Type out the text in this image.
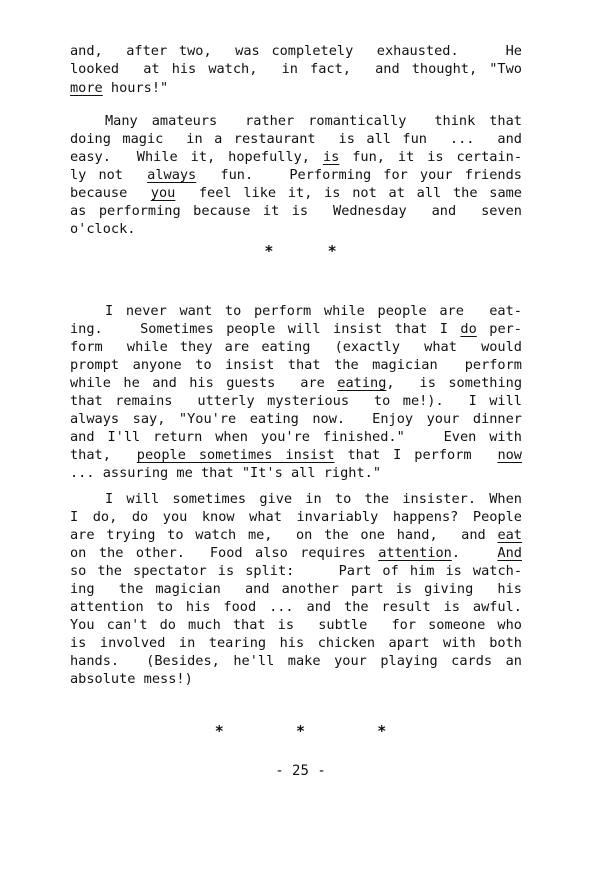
and,  after two,  was completely  exhausted.    He
looked  at his watch,  in fact,  and thought, "Two
more hours!"
Many amateurs  rather romantically  think that
doing magic  in a restaurant  is all fun  ...  and
easy.  While it, hopefully, is fun, it is certain-
ly not  always  fun.   Performing for your friends
because  you  feel like it, is not at all the same
as performing because it is  Wednesday  and  seven
o'clock.
I never want to perform while people are  eat-
ing.   Sometimes people will insist that I do per-
form  while they are eating  (exactly  what  would
prompt anyone to insist that the magician  perform
while he and his guests  are eating,  is something
that remains  utterly mysterious  to me!).  I will
always say, "You're eating now.  Enjoy your dinner
and I'll return when you're finished."   Even with
that,  people sometimes insist that I perform  now
... assuring me that "It's all right."
I will sometimes give in to the insister. When
I do, do you know what invariably happens? People
are trying to watch me,  on the one hand,  and eat
on the other.  Food also requires attention.   And
so the spectator is split:    Part of him is watch-
ing  the magician  and another part is giving  his
attention to his food ... and the result is awful.
You can't do much that is  subtle  for someone who
is involved in tearing his chicken apart with both
hands.  (Besides, he'll make your playing cards an
absolute mess!)
*      *
*        *        *
- 25 -
